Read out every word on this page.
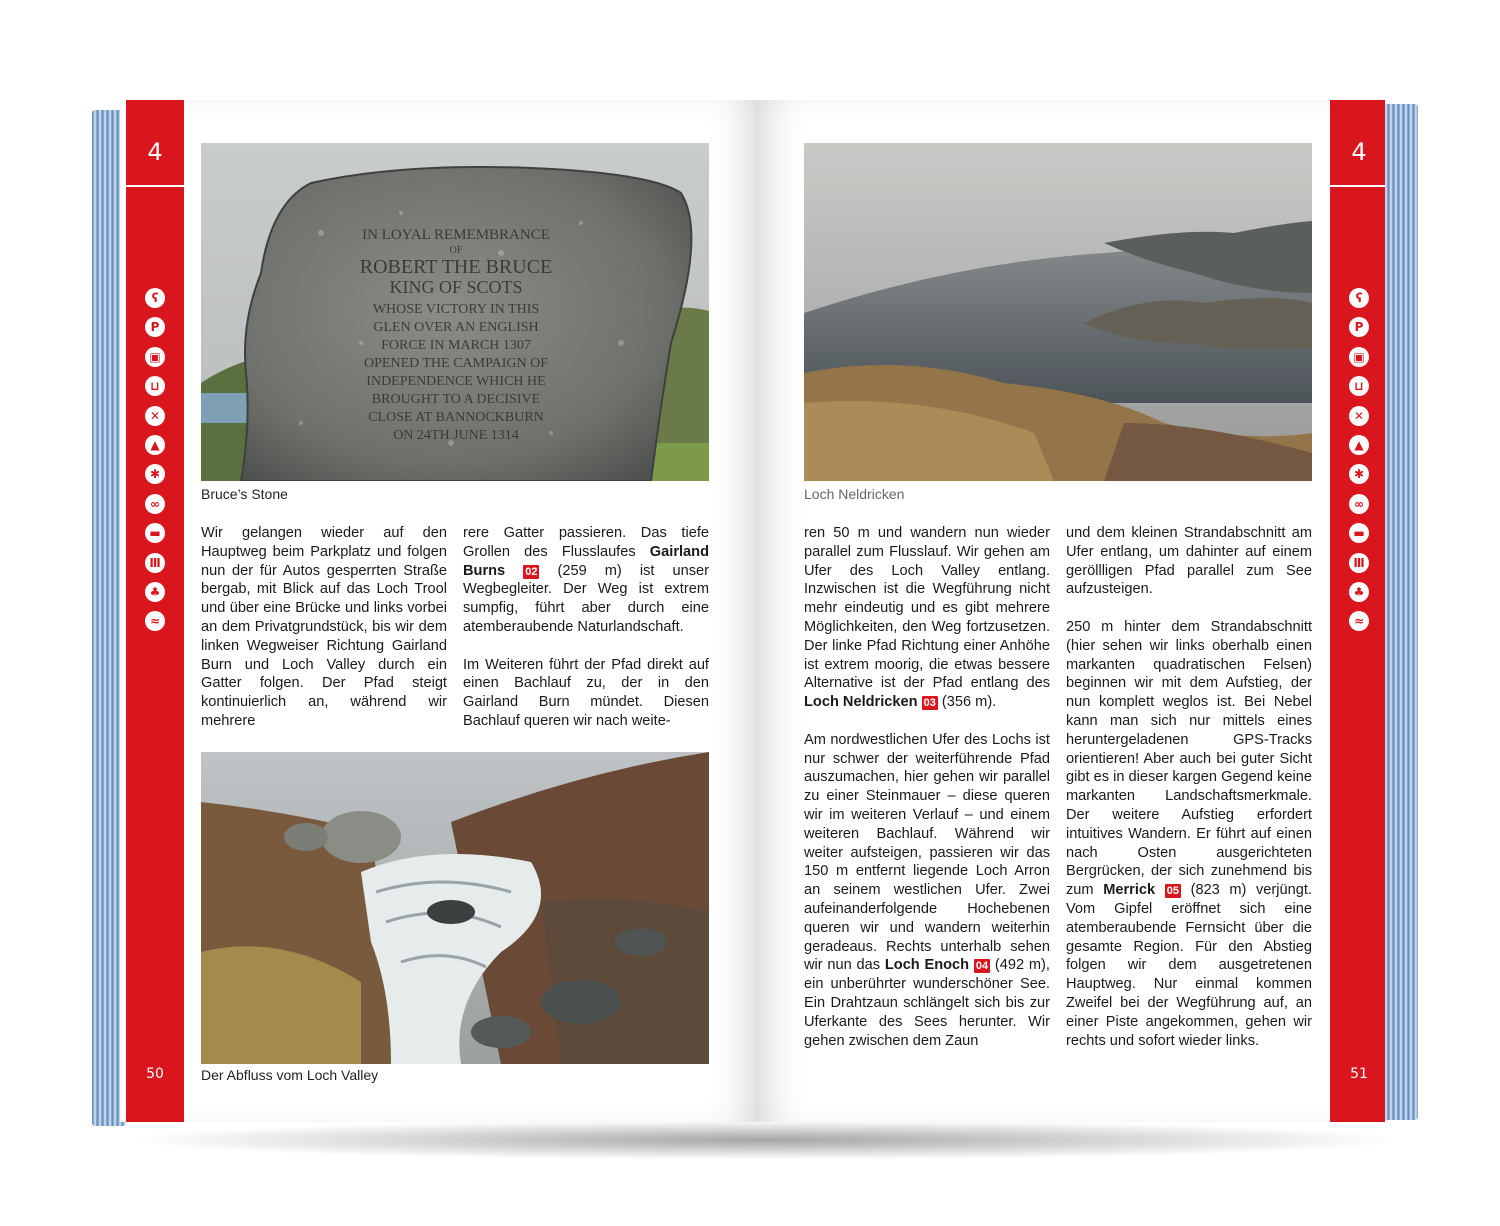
4
ʕ
P
▣
⊔
✕
▲
✱
∞
▬
Ⅲ
♣
≈
50
IN LOYAL REMEMBRANCE
OF
ROBERT THE BRUCE
KING OF SCOTS
WHOSE VICTORY IN THIS
GLEN OVER AN ENGLISH
FORCE IN MARCH 1307
OPENED THE CAMPAIGN OF
INDEPENDENCE WHICH HE
BROUGHT TO A DECISIVE
CLOSE AT BANNOCKBURN
ON 24TH JUNE 1314
Bruce’s Stone

Wir gelangen wieder auf den Hauptweg beim Parkplatz und folgen nun der für Autos gesperrten Straße bergab, mit Blick auf das Loch Trool und über eine Brücke und links vorbei an dem Privatgrundstück, bis wir dem linken Wegweiser Richtung Gairland Burn und Loch Valley durch ein Gatter folgen. Der Pfad steigt kontinuierlich an, während wir mehrere

rere Gatter passieren. Das tiefe Grollen des Flusslaufes Gairland Burns 02 (259 m) ist unser Wegbegleiter. Der Weg ist extrem sumpfig, führt aber durch eine atemberaubende Naturlandschaft.

Im Weiteren führt der Pfad direkt auf einen Bachlauf zu, der in den Gairland Burn mündet. Diesen Bachlauf queren wir nach weite-

Der Abfluss vom Loch Valley
Loch Neldricken

ren 50 m und wandern nun wieder parallel zum Flusslauf. Wir gehen am Ufer des Loch Valley entlang. Inzwischen ist die Wegführung nicht mehr eindeutig und es gibt mehrere Möglichkeiten, den Weg fortzusetzen. Der linke Pfad Richtung einer Anhöhe ist extrem moorig, die etwas bessere Alternative ist der Pfad entlang des Loch Neldricken 03 (356 m).

Am nordwestlichen Ufer des Lochs ist nur schwer der weiterführende Pfad auszumachen, hier gehen wir parallel zu einer Steinmauer – diese queren wir im weiteren Verlauf – und einem weiteren Bachlauf. Während wir weiter aufsteigen, passieren wir das 150 m entfernt liegende Loch Arron an seinem westlichen Ufer. Zwei aufeinanderfolgende Hochebenen queren wir und wandern weiterhin geradeaus. Rechts unterhalb sehen wir nun das Loch Enoch 04 (492 m), ein unberührter wunderschöner See. Ein Drahtzaun schlängelt sich bis zur Uferkante des Sees herunter. Wir gehen zwischen dem Zaun

und dem kleinen Strandabschnitt am Ufer entlang, um dahinter auf einem geröllligen Pfad parallel zum See aufzusteigen.

250 m hinter dem Strandabschnitt (hier sehen wir links oberhalb einen markanten quadratischen Felsen) beginnen wir mit dem Aufstieg, der nun komplett weglos ist. Bei Nebel kann man sich nur mittels eines heruntergeladenen GPS-Tracks orientieren! Aber auch bei guter Sicht gibt es in dieser kargen Gegend keine markanten Landschaftsmerkmale. Der weitere Aufstieg erfordert intuitives Wandern. Er führt auf einen nach Osten ausgerichteten Bergrücken, der sich zunehmend bis zum Merrick 05 (823 m) verjüngt. Vom Gipfel eröffnet sich eine atemberaubende Fernsicht über die gesamte Region. Für den Abstieg folgen wir dem ausgetretenen Hauptweg. Nur einmal kommen Zweifel bei der Wegführung auf, an einer Piste angekommen, gehen wir rechts und sofort wieder links.

4
ʕ
P
▣
⊔
✕
▲
✱
∞
▬
Ⅲ
♣
≈
51
